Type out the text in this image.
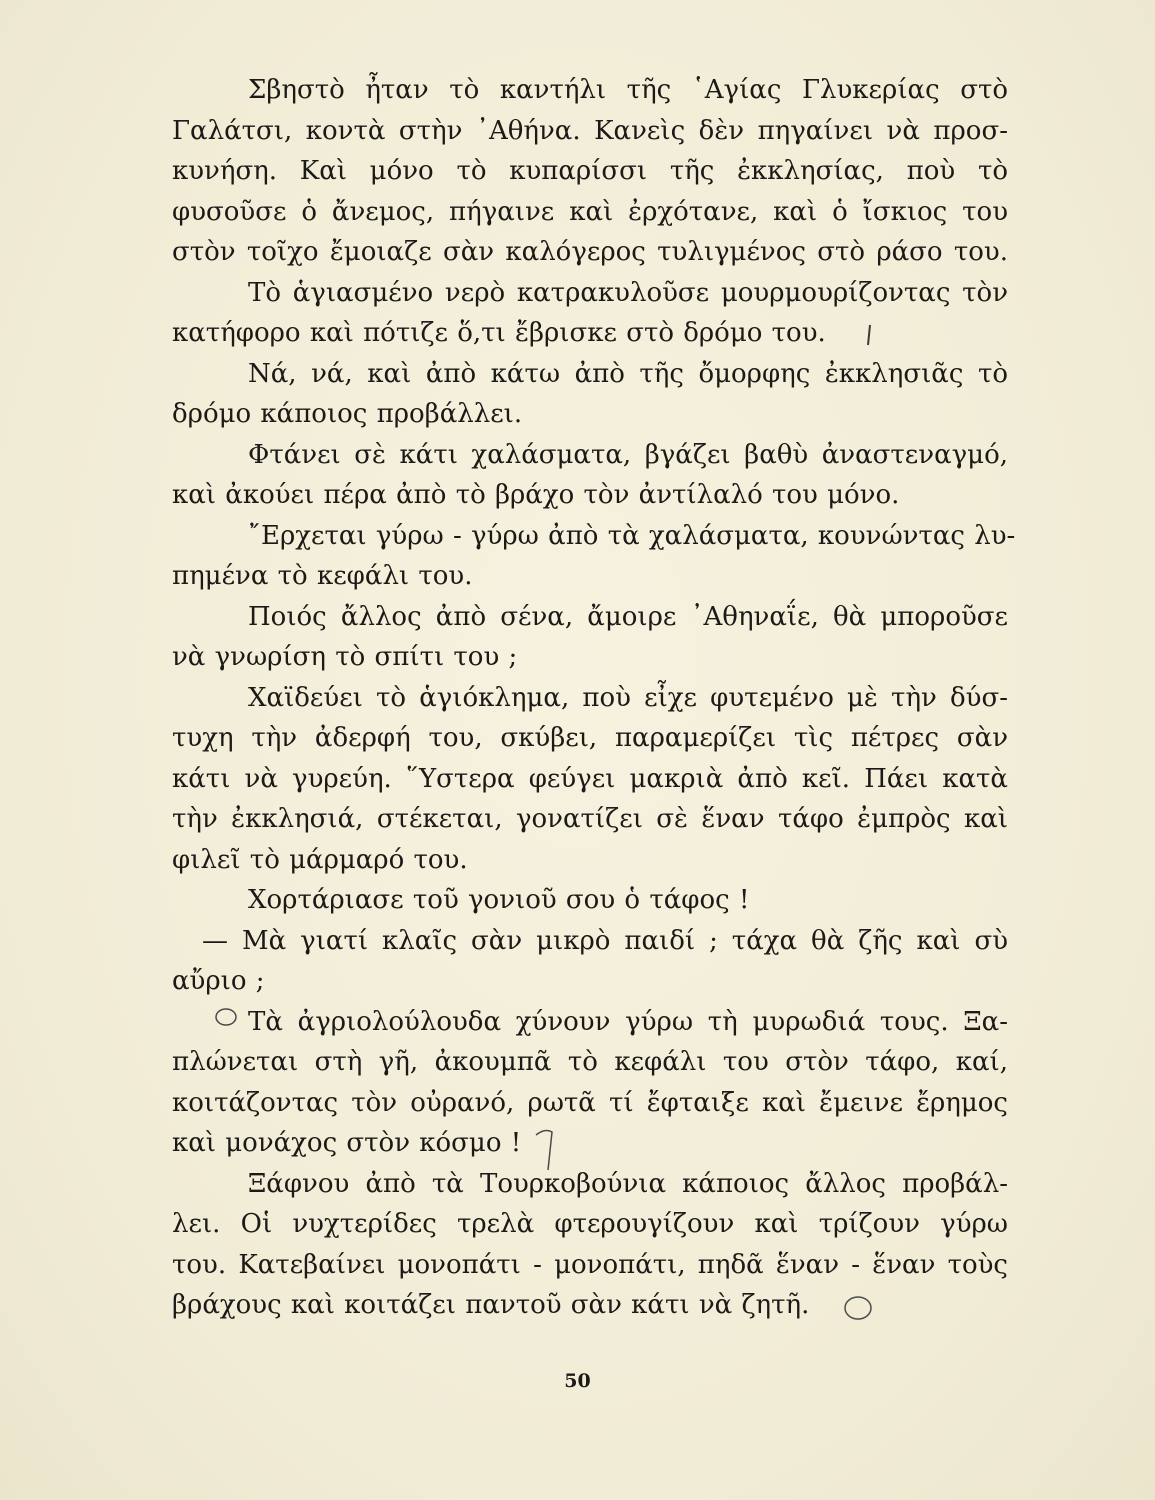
Σβηστὸ ἦταν τὸ καντήλι τῆς ῾Αγίας Γλυκερίας στὸ
Γαλάτσι, κοντὰ στὴν ᾿Αθήνα. Κανεὶς δὲν πηγαίνει νὰ προσ-
κυνήση. Καὶ μόνο τὸ κυπαρίσσι τῆς ἐκκλησίας, ποὺ τὸ
φυσοῦσε ὁ ἄνεμος, πήγαινε καὶ ἐρχότανε, καὶ ὁ ἴσκιος του
στὸν τοῖχο ἔμοιαζε σὰν καλόγερος τυλιγμένος στὸ ράσο του.
Τὸ ἁγιασμένο νερὸ κατρακυλοῦσε μουρμουρίζοντας τὸν
κατήφορο καὶ πότιζε ὅ,τι ἔβρισκε στὸ δρόμο του.
Νά, νά, καὶ ἀπὸ κάτω ἀπὸ τῆς ὄμορφης ἐκκλησιᾶς τὸ
δρόμο κάποιος προβάλλει.
Φτάνει σὲ κάτι χαλάσματα, βγάζει βαθὺ ἀναστεναγμό,
καὶ ἀκούει πέρα ἀπὸ τὸ βράχο τὸν ἀντίλαλό του μόνο.
῎Ερχεται γύρω - γύρω ἀπὸ τὰ χαλάσματα, κουνώντας λυ-
πημένα τὸ κεφάλι του.
Ποιός ἄλλος ἀπὸ σένα, ἄμοιρε ᾿Αθηναΐε, θὰ μποροῦσε
νὰ γνωρίση τὸ σπίτι του ;
Χαϊδεύει τὸ ἁγιόκλημα, ποὺ εἶχε φυτεμένο μὲ τὴν δύσ-
τυχη τὴν ἀδερφή του, σκύβει, παραμερίζει τὶς πέτρες σὰν
κάτι νὰ γυρεύη. ῞Υστερα φεύγει μακριὰ ἀπὸ κεῖ. Πάει κατὰ
τὴν ἐκκλησιά, στέκεται, γονατίζει σὲ ἕναν τάφο ἐμπρὸς καὶ
φιλεῖ τὸ μάρμαρό του.
Χορτάριασε τοῦ γονιοῦ σου ὁ τάφος !
— Μὰ γιατί κλαῖς σὰν μικρὸ παιδί ; τάχα θὰ ζῆς καὶ σὺ
αὔριο ;
Τὰ ἀγριολούλουδα χύνουν γύρω τὴ μυρωδιά τους. Ξα-
πλώνεται στὴ γῆ, ἀκουμπᾶ τὸ κεφάλι του στὸν τάφο, καί,
κοιτάζοντας τὸν οὐρανό, ρωτᾶ τί ἔφταιξε καὶ ἔμεινε ἔρημος
καὶ μονάχος στὸν κόσμο !
Ξάφνου ἀπὸ τὰ Τουρκοβούνια κάποιος ἄλλος προβάλ-
λει. Οἱ νυχτερίδες τρελὰ φτερουγίζουν καὶ τρίζουν γύρω
του. Κατεβαίνει μονοπάτι - μονοπάτι, πηδᾶ ἕναν - ἕναν τοὺς
βράχους καὶ κοιτάζει παντοῦ σὰν κάτι νὰ ζητῆ.
50
